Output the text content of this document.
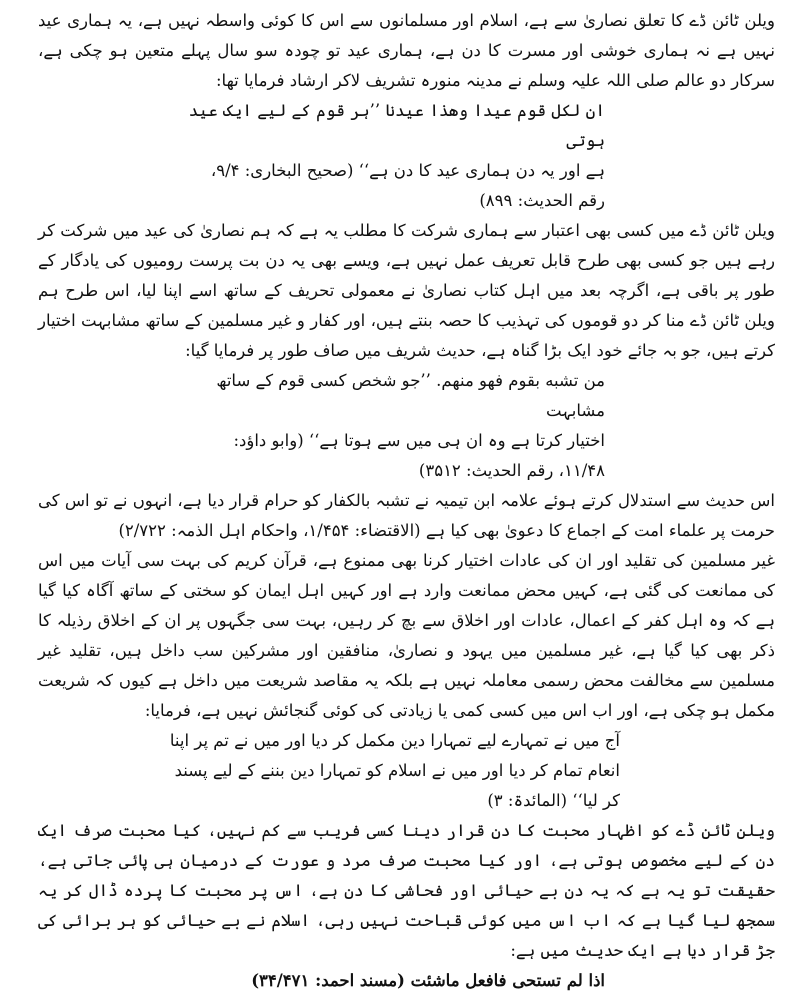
ویلن ٹائن ڈے کا تعلق نصاریٰ سے ہے، اسلام اور مسلمانوں سے اس کا کوئی واسطہ نہیں ہے، یہ ہماری عید نہیں ہے نہ ہماری خوشی اور مسرت کا دن ہے، ہماری عید تو چودہ سو سال پہلے متعین ہو چکی ہے، سرکار دو عالم صلی اللہ علیہ وسلم نے مدینہ منورہ تشریف لاکر ارشاد فرمایا تھا:

ان لکل قوم عیدا وهذا عیدنا ’’ہر قوم کے لیے ایک عید ہوتی
ہے اور یہ دن ہماری عید کا دن ہے‘‘ (صحیح البخاری: ۹/۴،
رقم الحدیث: ۸۹۹)

ویلن ٹائن ڈے میں کسی بھی اعتبار سے ہماری شرکت کا مطلب یہ ہے کہ ہم نصاریٰ کی عید میں شرکت کر رہے ہیں جو کسی بھی طرح قابل تعریف عمل نہیں ہے، ویسے بھی یہ دن بت پرست رومیوں کی یادگار کے طور پر باقی ہے، اگرچہ بعد میں اہل کتاب نصاریٰ نے معمولی تحریف کے ساتھ اسے اپنا لیا، اس طرح ہم ویلن ٹائن ڈے منا کر دو قوموں کی تہذیب کا حصہ بنتے ہیں، اور کفار و غیر مسلمین کے ساتھ مشابہت اختیار کرتے ہیں، جو بہ جائے خود ایک بڑا گناہ ہے، حدیث شریف میں صاف طور پر فرمایا گیا:

من تشبه بقوم فهو منهم. ’’جو شخص کسی قوم کے ساتھ مشابہت
اختیار کرتا ہے وہ ان ہی میں سے ہوتا ہے‘‘ (وابو داؤد:
۱۱/۴۸، رقم الحدیث: ۳۵۱۲)

اس حدیث سے استدلال کرتے ہوئے علامہ ابن تیمیہ نے تشبہ بالکفار کو حرام قرار دیا ہے، انہوں نے تو اس کی حرمت پر علماء امت کے اجماع کا دعویٰ بھی کیا ہے (الاقتضاء: ۱/۴۵۴، واحکام اہل الذمہ: ۲/۷۲۲)

غیر مسلمین کی تقلید اور ان کی عادات اختیار کرنا بھی ممنوع ہے، قرآن کریم کی بہت سی آیات میں اس کی ممانعت کی گئی ہے، کہیں محض ممانعت وارد ہے اور کہیں اہل ایمان کو سختی کے ساتھ آگاہ کیا گیا ہے کہ وہ اہل کفر کے اعمال، عادات اور اخلاق سے بچ کر رہیں، بہت سی جگہوں پر ان کے اخلاق رذیلہ کا ذکر بھی کیا گیا ہے، غیر مسلمین میں یہود و نصاریٰ، منافقین اور مشرکین سب داخل ہیں، تقلید غیر مسلمین سے مخالفت محض رسمی معاملہ نہیں ہے بلکہ یہ مقاصد شریعت میں داخل ہے کیوں کہ شریعت مکمل ہو چکی ہے، اور اب اس میں کسی کمی یا زیادتی کی کوئی گنجائش نہیں ہے، فرمایا:

آج میں نے تمہارے لیے تمہارا دین مکمل کر دیا اور میں نے تم پر اپنا
انعام تمام کر دیا اور میں نے اسلام کو تمہارا دین بننے کے لیے پسند
کر لیا‘‘ (المائدۃ: ۳)

ویلن ٹائن ڈے کو اظہار محبت کا دن قرار دینا کسی فریب سے کم نہیں، کیا محبت صرف ایک دن کے لیے مخصوص ہوتی ہے، اور کیا محبت صرف مرد و عورت کے درمیان ہی پائی جاتی ہے، حقیقت تو یہ ہے کہ یہ دن بے حیائی اور فحاشی کا دن ہے، اس پر محبت کا پردہ ڈال کر یہ سمجھ لیا گیا ہے کہ اب اس میں کوئی قباحت نہیں رہی، اسلام نے بے حیائی کو ہر برائی کی جڑ قرار دیا ہے ایک حدیث میں ہے:

اذا لم تستحی فافعل ماشئت (مسند احمد: ۳۴/۴۷۱)
